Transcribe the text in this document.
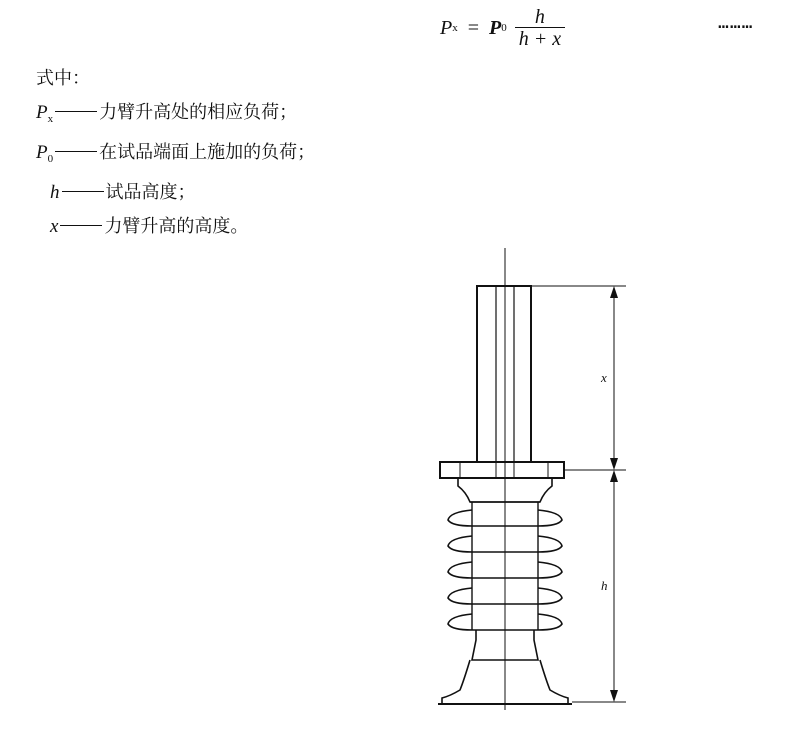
P x = P $0 \frac{h}{h + x}$	………
式中：
$P_x$	力臂升高处的相应负荷；
$P_0$	在试品端面上施加的负荷；
h	试品高度；
x	力臂升高的高度。
x
h
